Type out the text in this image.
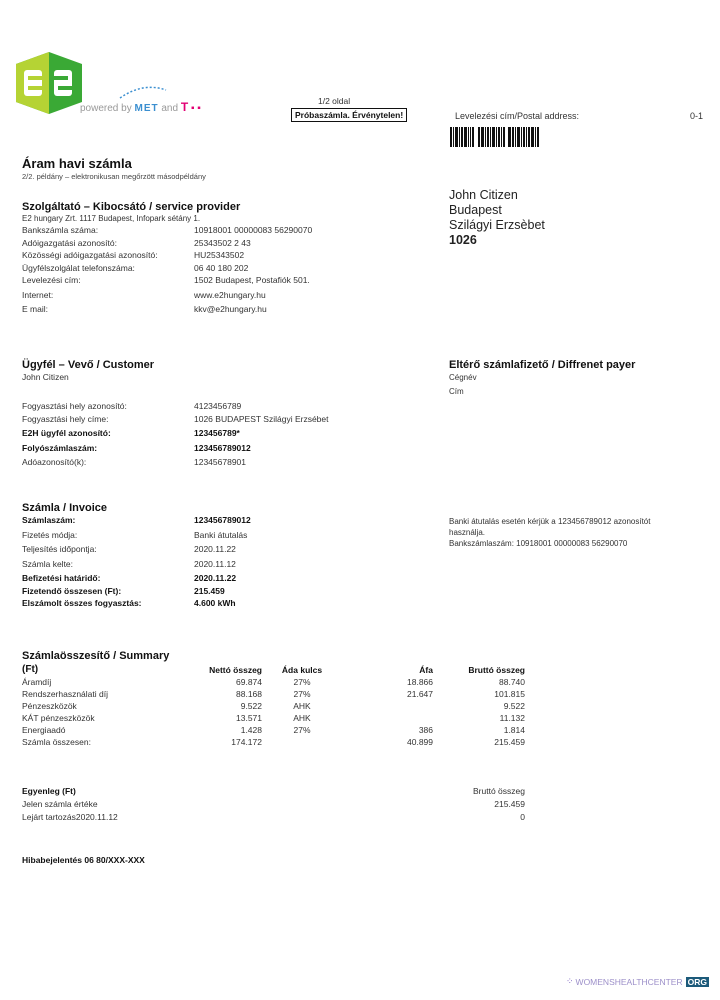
powered by MET and T ▪ ▪
1/2 oldal
Próbaszámla. Érvénytelen!	Levelezési cím/Postal address:	0-1
Áram havi számla
2/2. példány – elektronikusan megőrzött másodpéldány
John Citizen
Budapest
Szilágyi Erzsèbet
1026
Szolgáltató – Kibocsátó / service provider
E2 hungary Zrt. 1117 Budapest, Infopark sétány 1.
Bankszámla száma:	10918001 00000083 56290070
Adóigazgatási azonosító:	25343502 2 43
Közösségi adóigazgatási azonosító:	HU25343502
Ügyfélszolgálat telefonszáma:	06 40 180 202
Levelezési cím:	1502 Budapest, Postafiók 501.
Internet:	www.e2hungary.hu
E mail:	kkv@e2hungary.hu
Ügyfél – Vevő / Customer
John Citizen
Fogyasztási hely azonosító:	4123456789
Fogyasztási hely címe:	1026 BUDAPEST Szilágyi Erzsébet
E2H ügyfél azonosító:	123456789*
Folyószámlaszám:	123456789012
Adóazonosító(k):	12345678901
Eltérő számlafizető / Diffrenet payer
Cégnév
Cím
Számla / Invoice
Számlaszám:	123456789012
Fizetés módja:	Banki átutalás
Teljesítés időpontja:	2020.11.22
Számla kelte:	2020.11.12
Befizetési határidő:	2020.11.22
Fizetendő összesen (Ft):	215.459
Elszámolt összes fogyasztás:	4.600 kWh
Banki átutalás esetén kérjük a 123456789012 azonosítót
használja.
Bankszámlaszám: 10918001 00000083 56290070
Számlaösszesítő / Summary
(Ft)	Nettó összeg	Áda kulcs	Áfa	Bruttó összeg
Áramdíj	69.874	27%	18.866	88.740
Rendszerhasználati díj	88.168	27%	21.647	101.815
Pénzeszközök	9.522	AHK		9.522
KÁT pénzeszközök	13.571	AHK		11.132
Energiaadó	1.428	27%	386	1.814
Számla összesen:	174.172		40.899	215.459
Egyenleg (Ft)	Bruttó összeg
Jelen számla értéke	215.459
Lejárt tartozás2020.11.12	0
Hibabejelentés 06 80/XXX-XXX
⁘ WOMENSHEALTHCENTER ORG
